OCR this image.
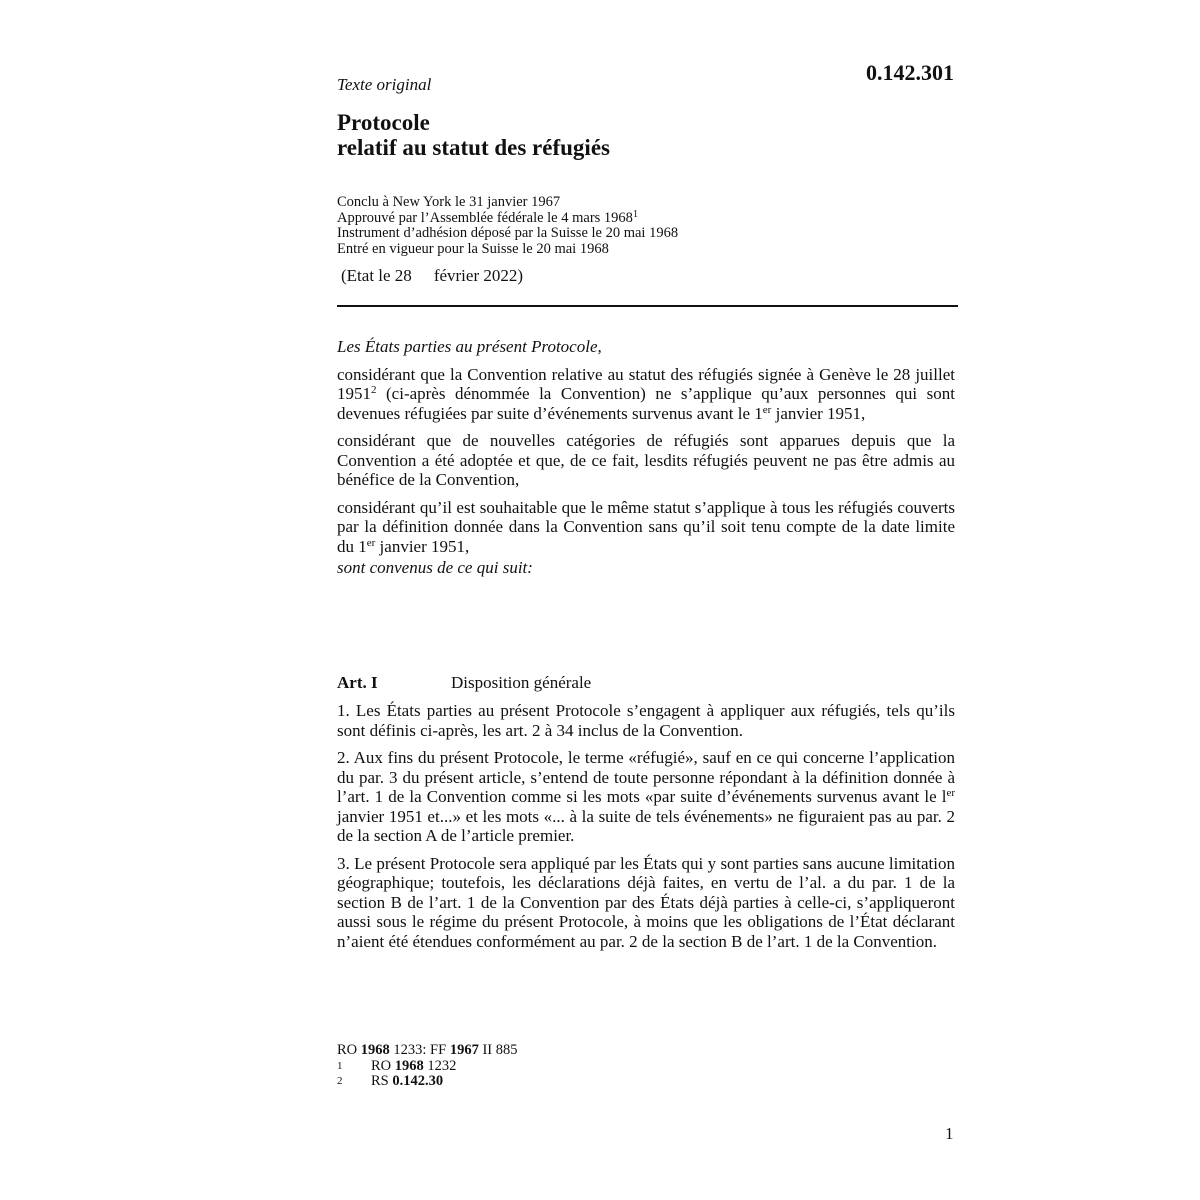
0.142.301
Texte original
Protocole
relatif au statut des réfugiés
Conclu à New York le 31 janvier 1967
Approuvé par l’Assemblée fédérale le 4 mars 1968$^1$
Instrument d’adhésion déposé par la Suisse le 20 mai 1968
Entré en vigueur pour la Suisse le 20 mai 1968
(Etat le 28 février 2022)

Les États parties au présent Protocole,

considérant que la Convention relative au statut des réfugiés signée à Genève le 28 juillet 1951$^2$ (ci-après dénommée la Convention) ne s’applique qu’aux personnes qui sont devenues réfugiées par suite d’événements survenus avant le 1er janvier 1951,

considérant que de nouvelles catégories de réfugiés sont apparues depuis que la Convention a été adoptée et que, de ce fait, lesdits réfugiés peuvent ne pas être admis au bénéfice de la Convention,

considérant qu’il est souhaitable que le même statut s’applique à tous les réfugiés couverts par la définition donnée dans la Convention sans qu’il soit tenu compte de la date limite du 1er janvier 1951,

sont convenus de ce qui suit:

Art. I	Disposition générale

1. Les États parties au présent Protocole s’engagent à appliquer aux réfugiés, tels qu’ils sont définis ci-après, les art. 2 à 34 inclus de la Convention.

2. Aux fins du présent Protocole, le terme «réfugié», sauf en ce qui concerne l’application du par. 3 du présent article, s’entend de toute personne répondant à la définition donnée à l’art. 1 de la Convention comme si les mots «par suite d’événements survenus avant le $l^{er}$ janvier 1951 et...» et les mots «... à la suite de tels événements» ne figuraient pas au par. 2 de la section A de l’article premier.

3. Le présent Protocole sera appliqué par les États qui y sont parties sans aucune limitation géographique; toutefois, les déclarations déjà faites, en vertu de l’al. a du par. 1 de la section B de l’art. 1 de la Convention par des États déjà parties à celle-ci, s’appliqueront aussi sous le régime du présent Protocole, à moins que les obligations de l’État déclarant n’aient été étendues conformément au par. 2 de la section B de l’art. 1 de la Convention.

RO 1968 1233: FF 1967 II 885
1	RO 1968 1232
2	RS 0.142.30
1
